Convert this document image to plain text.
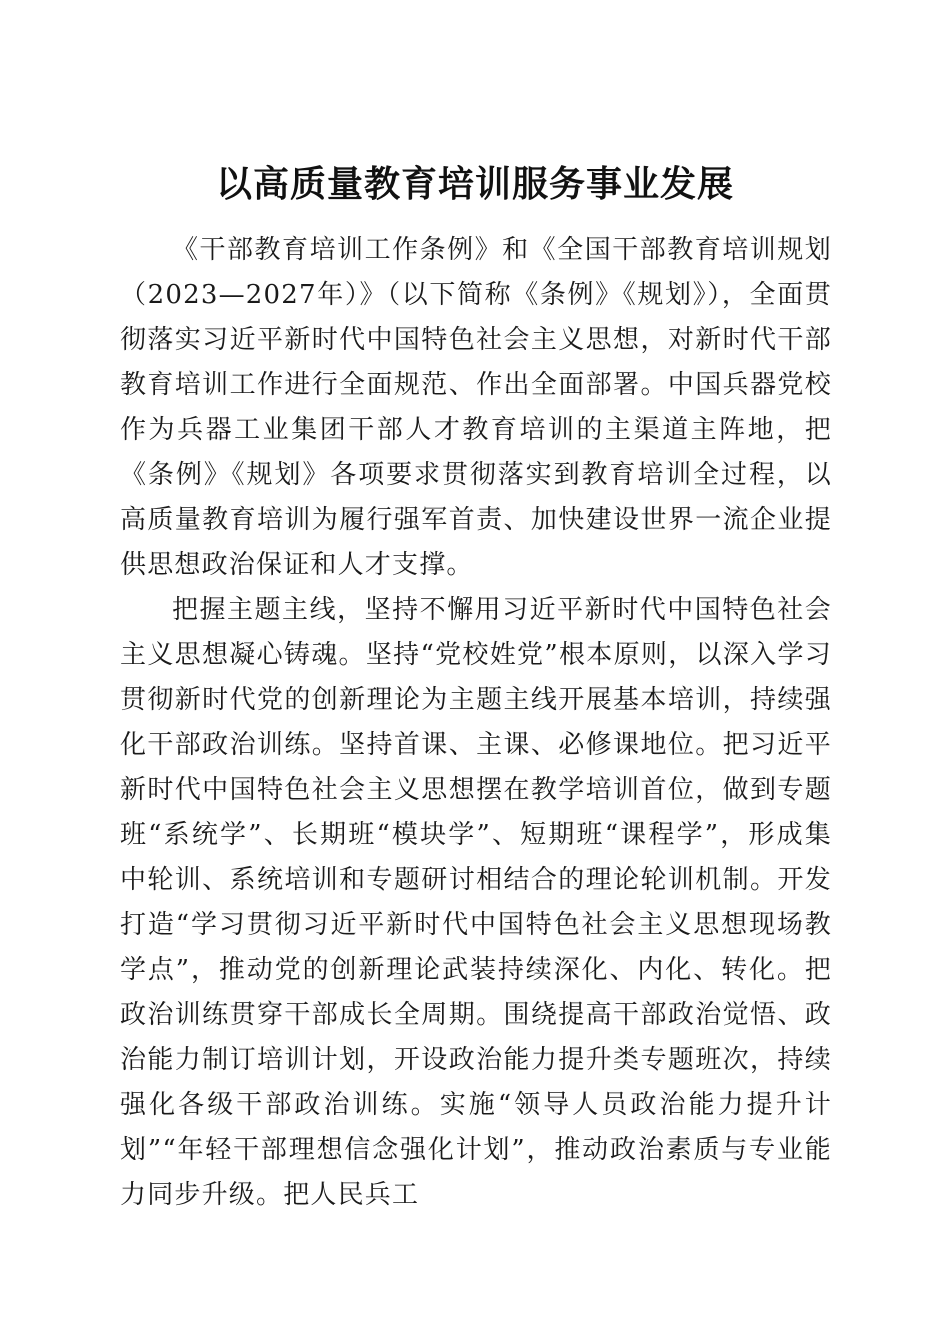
以高质量教育培训服务事业发展

《干部教育培训工作条例》和《全国干部教育培训规划（2023—2027年）》（以下简称《条例》《规划》），全面贯彻落实习近平新时代中国特色社会主义思想，对新时代干部教育培训工作进行全面规范、作出全面部署。中国兵器党校作为兵器工业集团干部人才教育培训的主渠道主阵地，把《条例》《规划》各项要求贯彻落实到教育培训全过程，以高质量教育培训为履行强军首责、加快建设世界一流企业提供思想政治保证和人才支撑。

把握主题主线，坚持不懈用习近平新时代中国特色社会主义思想凝心铸魂。坚持“党校姓党”根本原则，以深入学习贯彻新时代党的创新理论为主题主线开展基本培训，持续强化干部政治训练。坚持首课、主课、必修课地位。把习近平新时代中国特色社会主义思想摆在教学培训首位，做到专题班“系统学”、长期班“模块学”、短期班“课程学”，形成集中轮训、系统培训和专题研讨相结合的理论轮训机制。开发打造“学习贯彻习近平新时代中国特色社会主义思想现场教学点”，推动党的创新理论武装持续深化、内化、转化。把政治训练贯穿干部成长全周期。围绕提高干部政治觉悟、政治能力制订培训计划，开设政治能力提升类专题班次，持续强化各级干部政治训练。实施“领导人员政治能力提升计划”“年轻干部理想信念强化计划”，推动政治素质与专业能力同步升级。把人民兵工
